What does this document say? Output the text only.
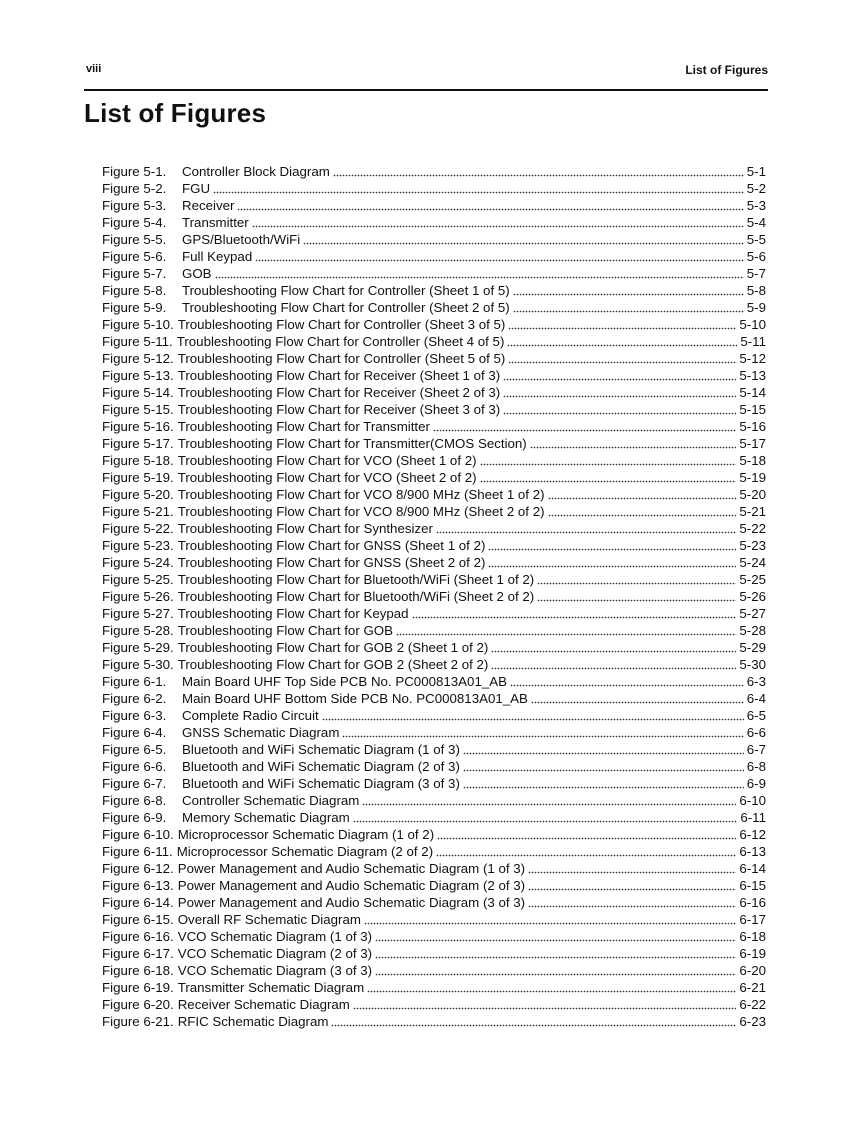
viii	List of Figures
List of Figures
Figure 5-1.	Controller Block Diagram	5-1
Figure 5-2.	FGU	5-2
Figure 5-3.	Receiver	5-3
Figure 5-4.	Transmitter	5-4
Figure 5-5.	GPS/Bluetooth/WiFi	5-5
Figure 5-6.	Full Keypad	5-6
Figure 5-7.	GOB	5-7
Figure 5-8.	Troubleshooting Flow Chart for Controller (Sheet 1 of 5)	5-8
Figure 5-9.	Troubleshooting Flow Chart for Controller (Sheet 2 of 5)	5-9
Figure 5-10. Troubleshooting Flow Chart for Controller (Sheet 3 of 5)	5-10
Figure 5-11. Troubleshooting Flow Chart for Controller (Sheet 4 of 5)	5-11
Figure 5-12. Troubleshooting Flow Chart for Controller (Sheet 5 of 5)	5-12
Figure 5-13. Troubleshooting Flow Chart for Receiver (Sheet 1 of 3)	5-13
Figure 5-14. Troubleshooting Flow Chart for Receiver (Sheet 2 of 3)	5-14
Figure 5-15. Troubleshooting Flow Chart for Receiver (Sheet 3 of 3)	5-15
Figure 5-16. Troubleshooting Flow Chart for Transmitter	5-16
Figure 5-17. Troubleshooting Flow Chart for Transmitter(CMOS Section)	5-17
Figure 5-18. Troubleshooting Flow Chart for VCO (Sheet 1 of 2)	5-18
Figure 5-19. Troubleshooting Flow Chart for VCO (Sheet 2 of 2)	5-19
Figure 5-20. Troubleshooting Flow Chart for VCO 8/900 MHz (Sheet 1 of 2)	5-20
Figure 5-21. Troubleshooting Flow Chart for VCO 8/900 MHz (Sheet 2 of 2)	5-21
Figure 5-22. Troubleshooting Flow Chart for Synthesizer	5-22
Figure 5-23. Troubleshooting Flow Chart for GNSS (Sheet 1 of 2)	5-23
Figure 5-24. Troubleshooting Flow Chart for GNSS (Sheet 2 of 2)	5-24
Figure 5-25. Troubleshooting Flow Chart for Bluetooth/WiFi (Sheet 1 of 2)	5-25
Figure 5-26. Troubleshooting Flow Chart for Bluetooth/WiFi (Sheet 2 of 2)	5-26
Figure 5-27. Troubleshooting Flow Chart for Keypad	5-27
Figure 5-28. Troubleshooting Flow Chart for GOB	5-28
Figure 5-29. Troubleshooting Flow Chart for GOB 2 (Sheet 1 of 2)	5-29
Figure 5-30. Troubleshooting Flow Chart for GOB 2 (Sheet 2 of 2)	5-30
Figure 6-1.	Main Board UHF Top Side PCB No. PC000813A01_AB	6-3
Figure 6-2.	Main Board UHF Bottom Side PCB No. PC000813A01_AB	6-4
Figure 6-3.	Complete Radio Circuit	6-5
Figure 6-4.	GNSS Schematic Diagram	6-6
Figure 6-5.	Bluetooth and WiFi Schematic Diagram (1 of 3)	6-7
Figure 6-6.	Bluetooth and WiFi Schematic Diagram (2 of 3)	6-8
Figure 6-7.	Bluetooth and WiFi Schematic Diagram (3 of 3)	6-9
Figure 6-8.	Controller Schematic Diagram	6-10
Figure 6-9.	Memory Schematic Diagram	6-11
Figure 6-10. Microprocessor Schematic Diagram (1 of 2)	6-12
Figure 6-11. Microprocessor Schematic Diagram (2 of 2)	6-13
Figure 6-12. Power Management and Audio Schematic Diagram (1 of 3)	6-14
Figure 6-13. Power Management and Audio Schematic Diagram (2 of 3)	6-15
Figure 6-14. Power Management and Audio Schematic Diagram (3 of 3)	6-16
Figure 6-15. Overall RF Schematic Diagram	6-17
Figure 6-16. VCO Schematic Diagram (1 of 3)	6-18
Figure 6-17. VCO Schematic Diagram (2 of 3)	6-19
Figure 6-18. VCO Schematic Diagram (3 of 3)	6-20
Figure 6-19. Transmitter Schematic Diagram	6-21
Figure 6-20. Receiver Schematic Diagram	6-22
Figure 6-21. RFIC Schematic Diagram	6-23
